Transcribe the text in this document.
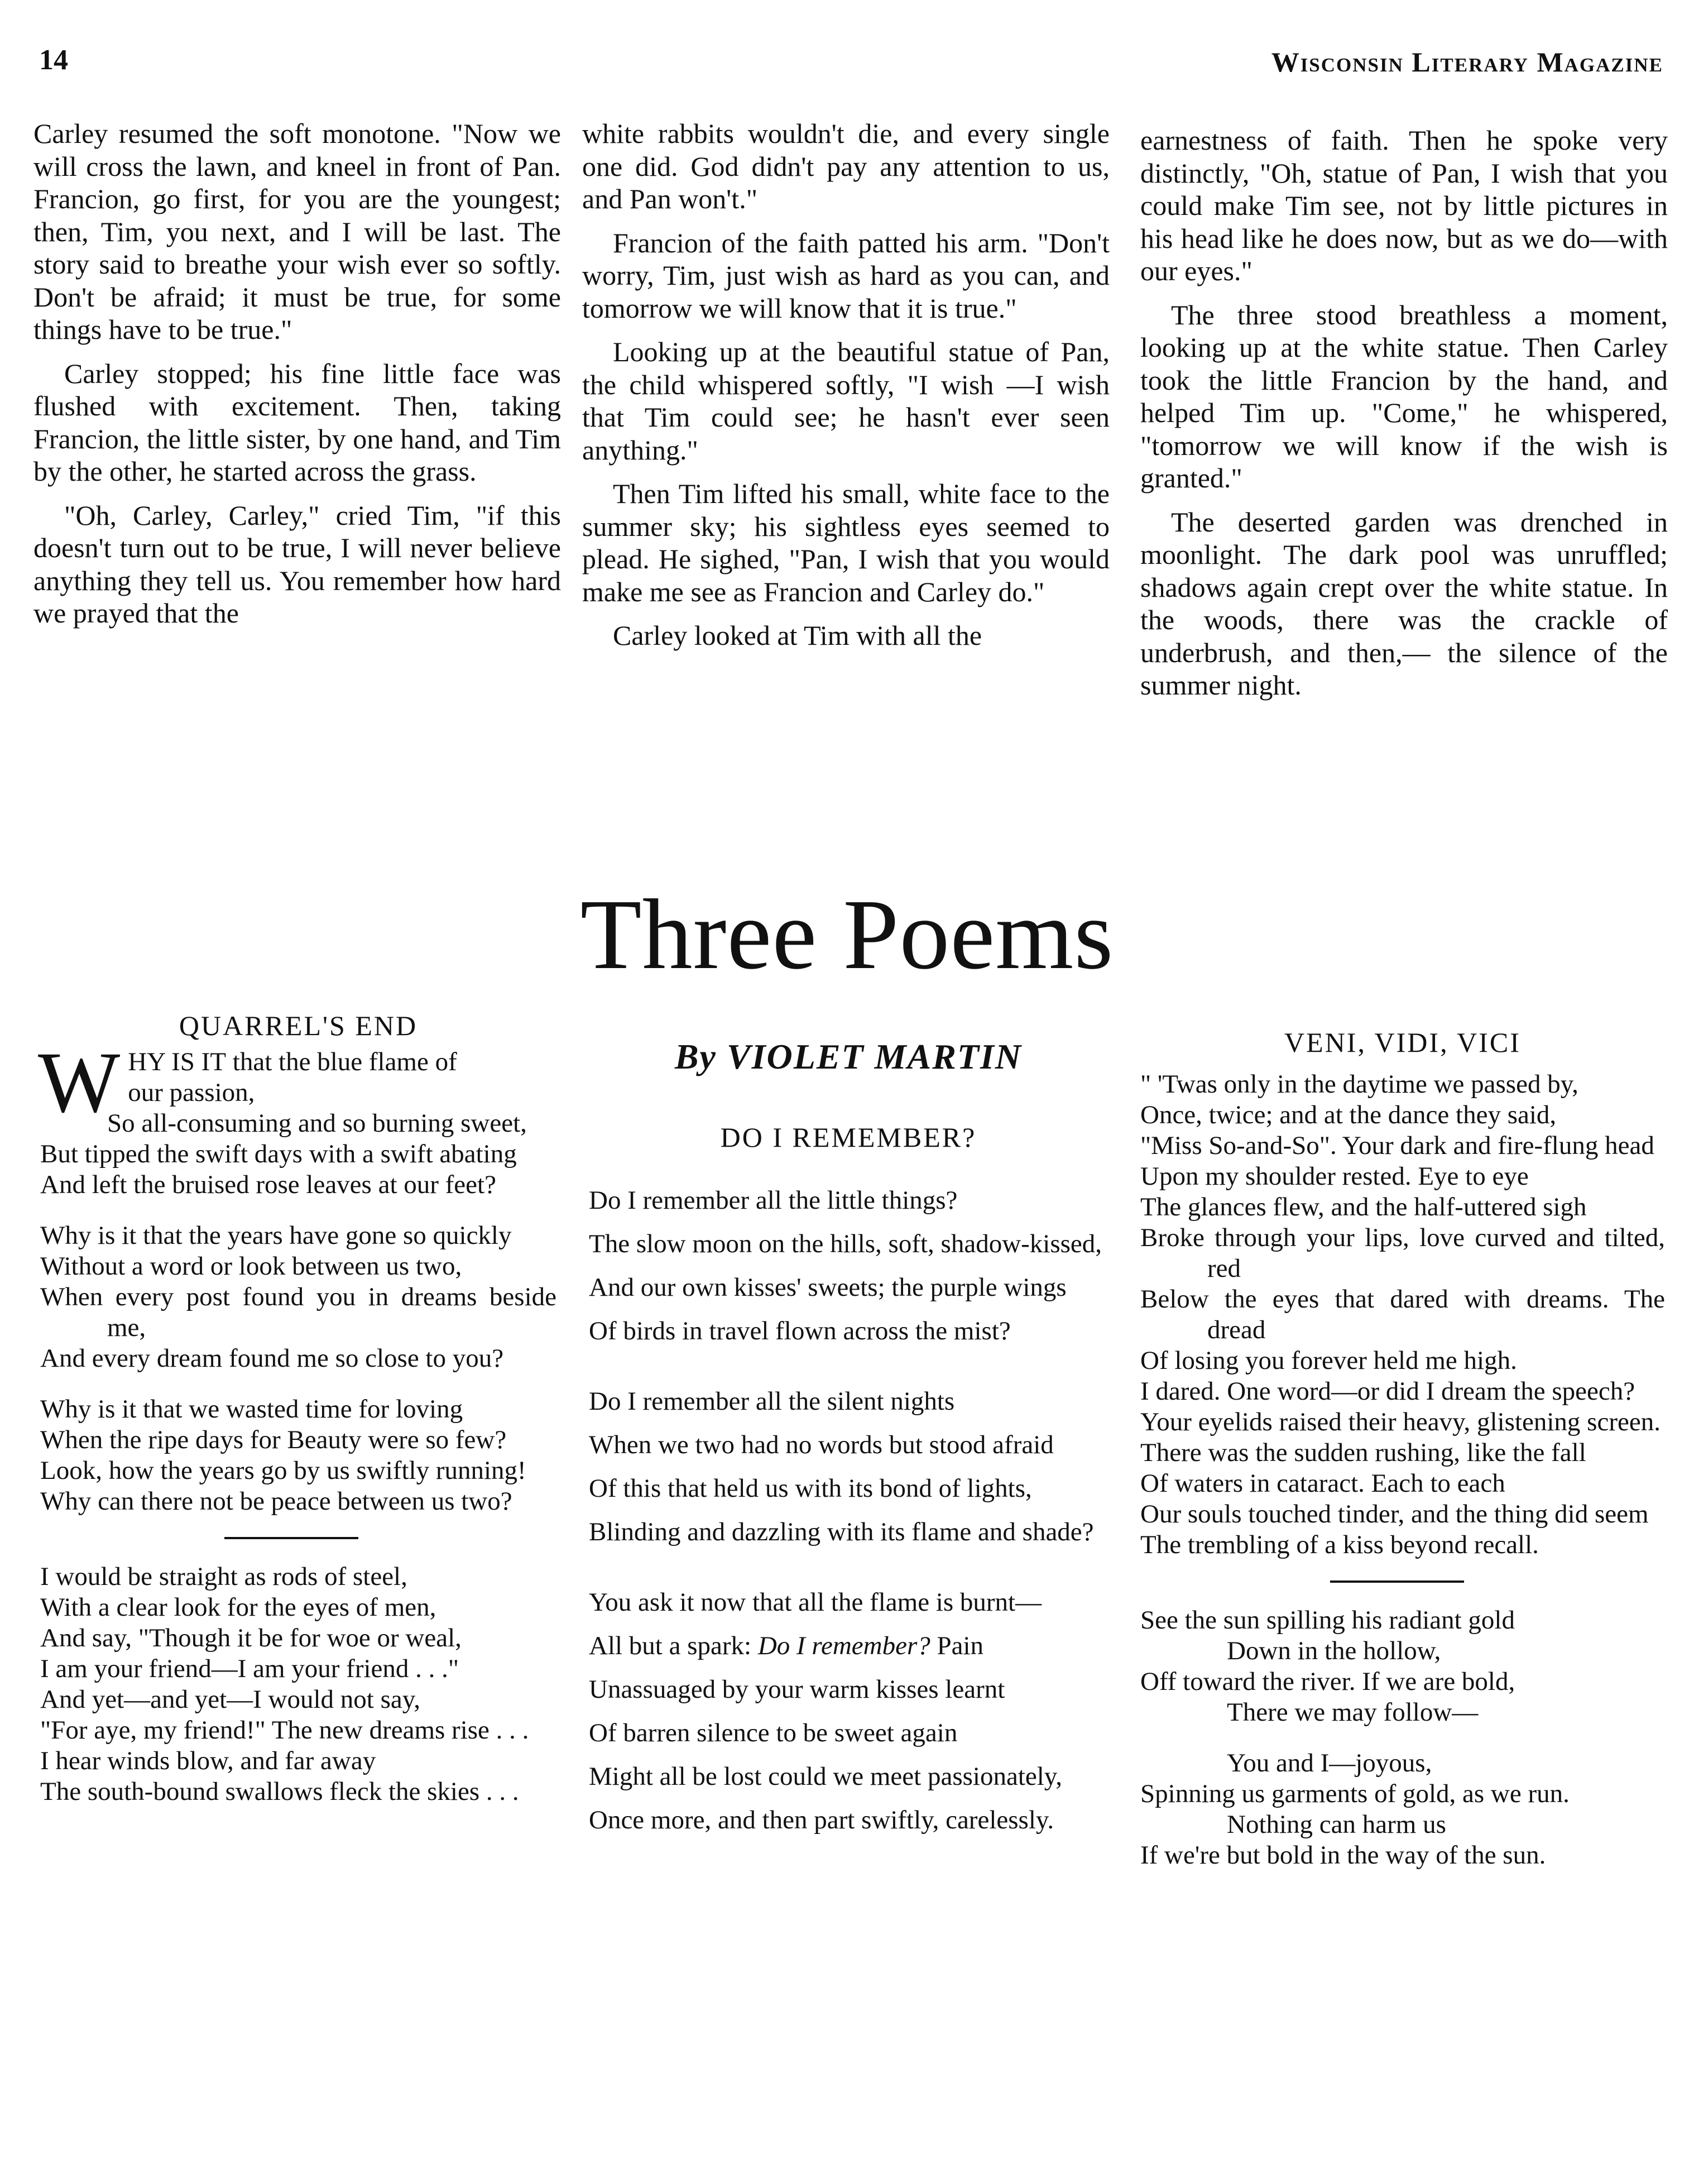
14	Wisconsin Literary Magazine

Carley resumed the soft monotone. "Now we will cross the lawn, and kneel in front of Pan. Francion, go first, for you are the youngest; then, Tim, you next, and I will be last. The story said to breathe your wish ever so softly. Don't be afraid; it must be true, for some things have to be true."

Carley stopped; his fine little face was flushed with excitement. Then, taking Francion, the little sister, by one hand, and Tim by the other, he started across the grass.

"Oh, Carley, Carley," cried Tim, "if this doesn't turn out to be true, I will never believe anything they tell us. You remember how hard we prayed that the

white rabbits wouldn't die, and every single one did. God didn't pay any attention to us, and Pan won't."

Francion of the faith patted his arm. "Don't worry, Tim, just wish as hard as you can, and tomorrow we will know that it is true."

Looking up at the beautiful statue of Pan, the child whispered softly, "I wish —I wish that Tim could see; he hasn't ever seen anything."

Then Tim lifted his small, white face to the summer sky; his sightless eyes seemed to plead. He sighed, "Pan, I wish that you would make me see as Francion and Carley do."

Carley looked at Tim with all the

earnestness of faith. Then he spoke very distinctly, "Oh, statue of Pan, I wish that you could make Tim see, not by little pictures in his head like he does now, but as we do—with our eyes."

The three stood breathless a moment, looking up at the white statue. Then Carley took the little Francion by the hand, and helped Tim up. "Come," he whispered, "tomorrow we will know if the wish is granted."

The deserted garden was drenched in moonlight. The dark pool was unruffled; shadows again crept over the white statue. In the woods, there was the crackle of underbrush, and then,— the silence of the summer night.

Three Poems
QUARREL'S END
W HY IS IT that the blue flame of
our passion,
So all-consuming and so burning sweet,
But tipped the swift days with a swift abating
And left the bruised rose leaves at our feet?
Why is it that the years have gone so quickly
Without a word or look between us two,
When every post found you in dreams beside me,
And every dream found me so close to you?
Why is it that we wasted time for loving
When the ripe days for Beauty were so few?
Look, how the years go by us swiftly running!
Why can there not be peace between us two?
I would be straight as rods of steel,
With a clear look for the eyes of men,
And say, "Though it be for woe or weal,
I am your friend—I am your friend . . ."
And yet—and yet—I would not say,
"For aye, my friend!" The new dreams rise . . .
I hear winds blow, and far away
The south-bound swallows fleck the skies . . .
By VIOLET MARTIN
DO I REMEMBER?
Do I remember all the little things?
The slow moon on the hills, soft, shadow-kissed,
And our own kisses' sweets; the purple wings
Of birds in travel flown across the mist?
Do I remember all the silent nights
When we two had no words but stood afraid
Of this that held us with its bond of lights,
Blinding and dazzling with its flame and shade?
You ask it now that all the flame is burnt—
All but a spark: Do I remember? Pain
Unassuaged by your warm kisses learnt
Of barren silence to be sweet again
Might all be lost could we meet passionately,
Once more, and then part swiftly, carelessly.
VENI, VIDI, VICI
" 'Twas only in the daytime we passed by,
Once, twice; and at the dance they said,
"Miss So-and-So". Your dark and fire-flung head
Upon my shoulder rested. Eye to eye
The glances flew, and the half-uttered sigh
Broke through your lips, love curved and tilted, red
Below the eyes that dared with dreams. The dread
Of losing you forever held me high.
I dared. One word—or did I dream the speech?
Your eyelids raised their heavy, glistening screen.
There was the sudden rushing, like the fall
Of waters in cataract. Each to each
Our souls touched tinder, and the thing did seem
The trembling of a kiss beyond recall.
See the sun spilling his radiant gold
Down in the hollow,
Off toward the river. If we are bold,
There we may follow—
You and I—joyous,
Spinning us garments of gold, as we run.
Nothing can harm us
If we're but bold in the way of the sun.
